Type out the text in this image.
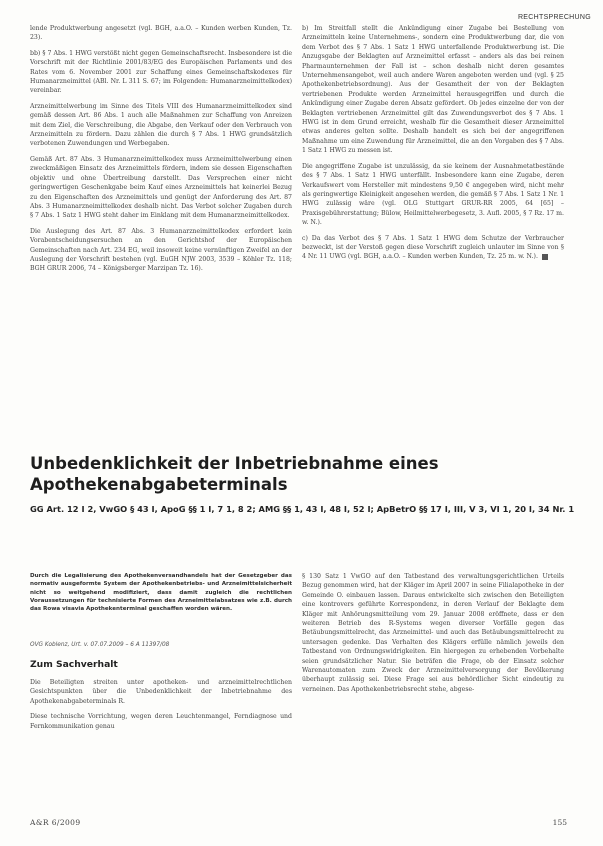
RECHTSPRECHUNG

lende Produktwerbung angesetzt (vgl. BGH, a.a.O. – Kunden werben Kunden, Tz. 23).

bb) § 7 Abs. 1 HWG verstößt nicht gegen Gemeinschaftsrecht. Insbesondere ist die Vorschrift mit der Richtlinie 2001/83/EG des Europäischen Parlaments und des Rates vom 6. November 2001 zur Schaffung eines Gemeinschaftskodexes für Humanarzneimittel (ABl. Nr. L 311 S. 67; im Folgenden: Humanarzneimittelkodex) vereinbar.

Arzneimittelwerbung im Sinne des Titels VIII des Humanarzneimittelkodex sind gemäß dessen Art. 86 Abs. 1 auch alle Maßnahmen zur Schaffung von Anreizen mit dem Ziel, die Verschreibung, die Abgabe, den Verkauf oder den Verbrauch von Arzneimitteln zu fördern. Dazu zählen die durch § 7 Abs. 1 HWG grundsätzlich verbotenen Zuwendungen und Werbegaben.

Gemäß Art. 87 Abs. 3 Humanarzneimittelkodex muss Arzneimittelwerbung einen zweckmäßigen Einsatz des Arzneimittels fördern, indem sie dessen Eigenschaften objektiv und ohne Übertreibung darstellt. Das Versprechen einer nicht geringwertigen Geschenkgabe beim Kauf eines Arzneimittels hat keinerlei Bezug zu den Eigenschaften des Arzneimittels und genügt der Anforderung des Art. 87 Abs. 3 Humanarzneimittelkodex deshalb nicht. Das Verbot solcher Zugaben durch § 7 Abs. 1 Satz 1 HWG steht daher im Einklang mit dem Humanarzneimittelkodex.

Die Auslegung des Art. 87 Abs. 3 Humanarzneimittelkodex erfordert kein Vorabentscheidungsersuchen an den Gerichtshof der Europäischen Gemeinschaften nach Art. 234 EG, weil insoweit keine vernünftigen Zweifel an der Auslegung der Vorschrift bestehen (vgl. EuGH NJW 2003, 3539 – Köhler Tz. 118; BGH GRUR 2006, 74 – Königsberger Marzipan Tz. 16).

b) Im Streitfall stellt die Ankündigung einer Zugabe bei Bestellung von Arzneimitteln keine Unternehmens-, sondern eine Produktwerbung dar, die von dem Verbot des § 7 Abs. 1 Satz 1 HWG unterfallende Produktwerbung ist. Die Anzugsgabe der Beklagten auf Arzneimittel erfasst – anders als das bei reinen Pharmaunternehmen der Fall ist – schon deshalb nicht deren gesamtes Unternehmensangebot, weil auch andere Waren angeboten werden und (vgl. § 25 Apothekenbetriebsordnung). Aus der Gesamtheit der von der Beklagten vertriebenen Produkte werden Arzneimittel herausgegriffen und durch die Ankündigung einer Zugabe deren Absatz gefördert. Ob jedes einzelne der von der Beklagten vertriebenen Arzneimittel gilt das Zuwendungsverbot des § 7 Abs. 1 HWG ist in dem Grund erreicht, weshalb für die Gesamtheit dieser Arzneimittel etwas anderes gelten sollte. Deshalb handelt es sich bei der angegriffenen Maßnahme um eine Zuwendung für Arzneimittel, die an den Vorgaben des § 7 Abs. 1 Satz 1 HWG zu messen ist.

Die angegriffene Zugabe ist unzulässig, da sie keinem der Ausnahmetatbestände des § 7 Abs. 1 Satz 1 HWG unterfällt. Insbesondere kann eine Zugabe, deren Verkaufswert vom Hersteller mit mindestens 9,50 € angegeben wird, nicht mehr als geringwertige Kleinigkeit angesehen werden, die gemäß § 7 Abs. 1 Satz 1 Nr. 1 HWG zulässig wäre (vgl. OLG Stuttgart GRUR-RR 2005, 64 [65] – Praxisgebührerstattung; Bülow, Heilmittelwerbegesetz, 3. Aufl. 2005, § 7 Rz. 17 m. w. N.).

c) Da das Verbot des § 7 Abs. 1 Satz 1 HWG dem Schutze der Verbraucher bezweckt, ist der Verstoß gegen diese Vorschrift zugleich unlauter im Sinne von § 4 Nr. 11 UWG (vgl. BGH, a.a.O. – Kunden werben Kunden, Tz. 25 m. w. N.).

Unbedenklichkeit der Inbetriebnahme eines Apothekenabgabeterminals

GG Art. 12 I 2, VwGO § 43 I, ApoG §§ 1 I, 7 1, 8 2; AMG §§ 1, 43 I, 48 I, 52 I; ApBetrO §§ 17 I, III, V 3, VI 1, 20 I, 34 Nr. 1

Durch die Legalisierung des Apothekenversandhandels hat der Gesetzgeber das normativ ausgeformte System der Apothekenbetriebs- und Arzneimittelsicherheit nicht so weitgehend modifiziert, dass damit zugleich die rechtlichen Voraussetzungen für technisierte Formen des Arzneimittelabsatzes wie z.B. durch das Rowa visavia Apothekenterminal geschaffen worden wären.
OVG Koblenz, Urt. v. 07.07.2009 – 6 A 11397/08
Zum Sachverhalt

Die Beteiligten streiten unter apotheken- und arzneimittelrechtlichen Gesichtspunkten über die Unbedenklichkeit der Inbetriebnahme des Apothekenabgabeterminals R.

Diese technische Vorrichtung, wegen deren Leuchtenmangel, Ferndiagnose und Fernkommunikation genau

§ 130 Satz 1 VwGO auf den Tatbestand des verwaltungsgerichtlichen Urteils Bezug genommen wird, hat der Kläger im April 2007 in seine Filialapotheke in der Gemeinde O. einbauen lassen. Daraus entwickelte sich zwischen den Beteiligten eine kontrovers geführte Korrespondenz, in deren Verlauf der Beklagte dem Kläger mit Anhörungsmitteilung vom 29. Januar 2008 eröffnete, dass er den weiteren Betrieb des R-Systems wegen diverser Vorfälle gegen das Betäubungsmittelrecht, das Arzneimittel- und auch das Betäubungsmittelrecht zu untersagen gedenke. Das Verhalten des Klägers erfülle nämlich jeweils den Tatbestand von Ordnungswidrigkeiten. Ein hiergegen zu erhebenden Vorbehalte seien grundsätzlicher Natur. Sie beträfen die Frage, ob der Einsatz solcher Warenautomaten zum Zweck der Arzneimittelversorgung der Bevölkerung überhaupt zulässig sei. Diese Frage sei aus behördlicher Sicht eindeutig zu verneinen. Das Apothekenbetriebsrecht stehe, abgese-

A&R 6/2009	155
